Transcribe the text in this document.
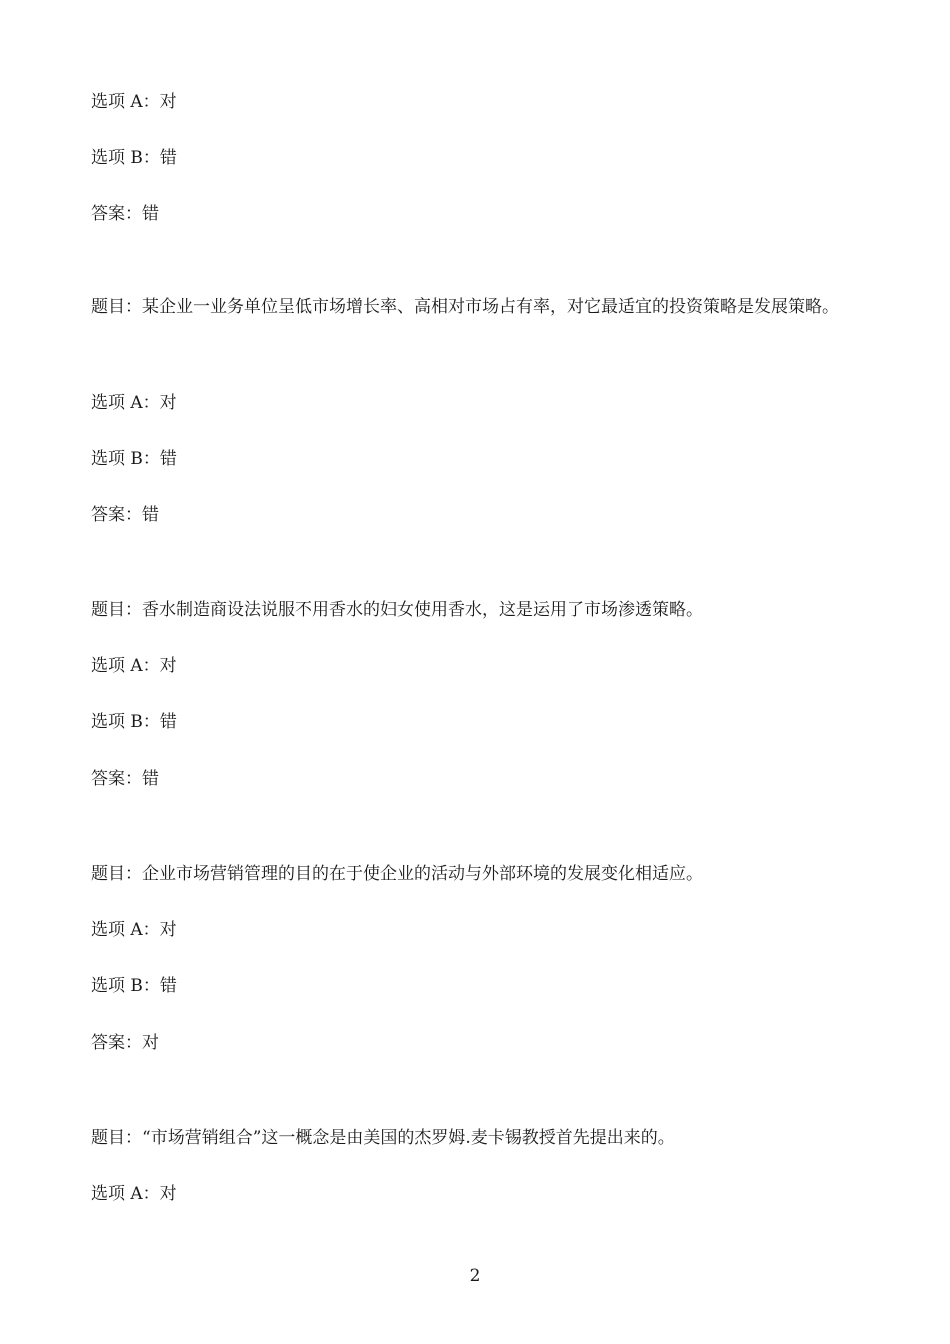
选项 A：对
选项 B：错
答案：错
题目：某企业一业务单位呈低市场增长率、高相对市场占有率，对它最适宜的投资策略是发展策略。
选项 A：对
选项 B：错
答案：错
题目：香水制造商设法说服不用香水的妇女使用香水，这是运用了市场渗透策略。
选项 A：对
选项 B：错
答案：错
题目：企业市场营销管理的目的在于使企业的活动与外部环境的发展变化相适应。
选项 A：对
选项 B：错
答案：对
题目：“市场营销组合”这一概念是由美国的杰罗姆.麦卡锡教授首先提出来的。
选项 A：对
2
